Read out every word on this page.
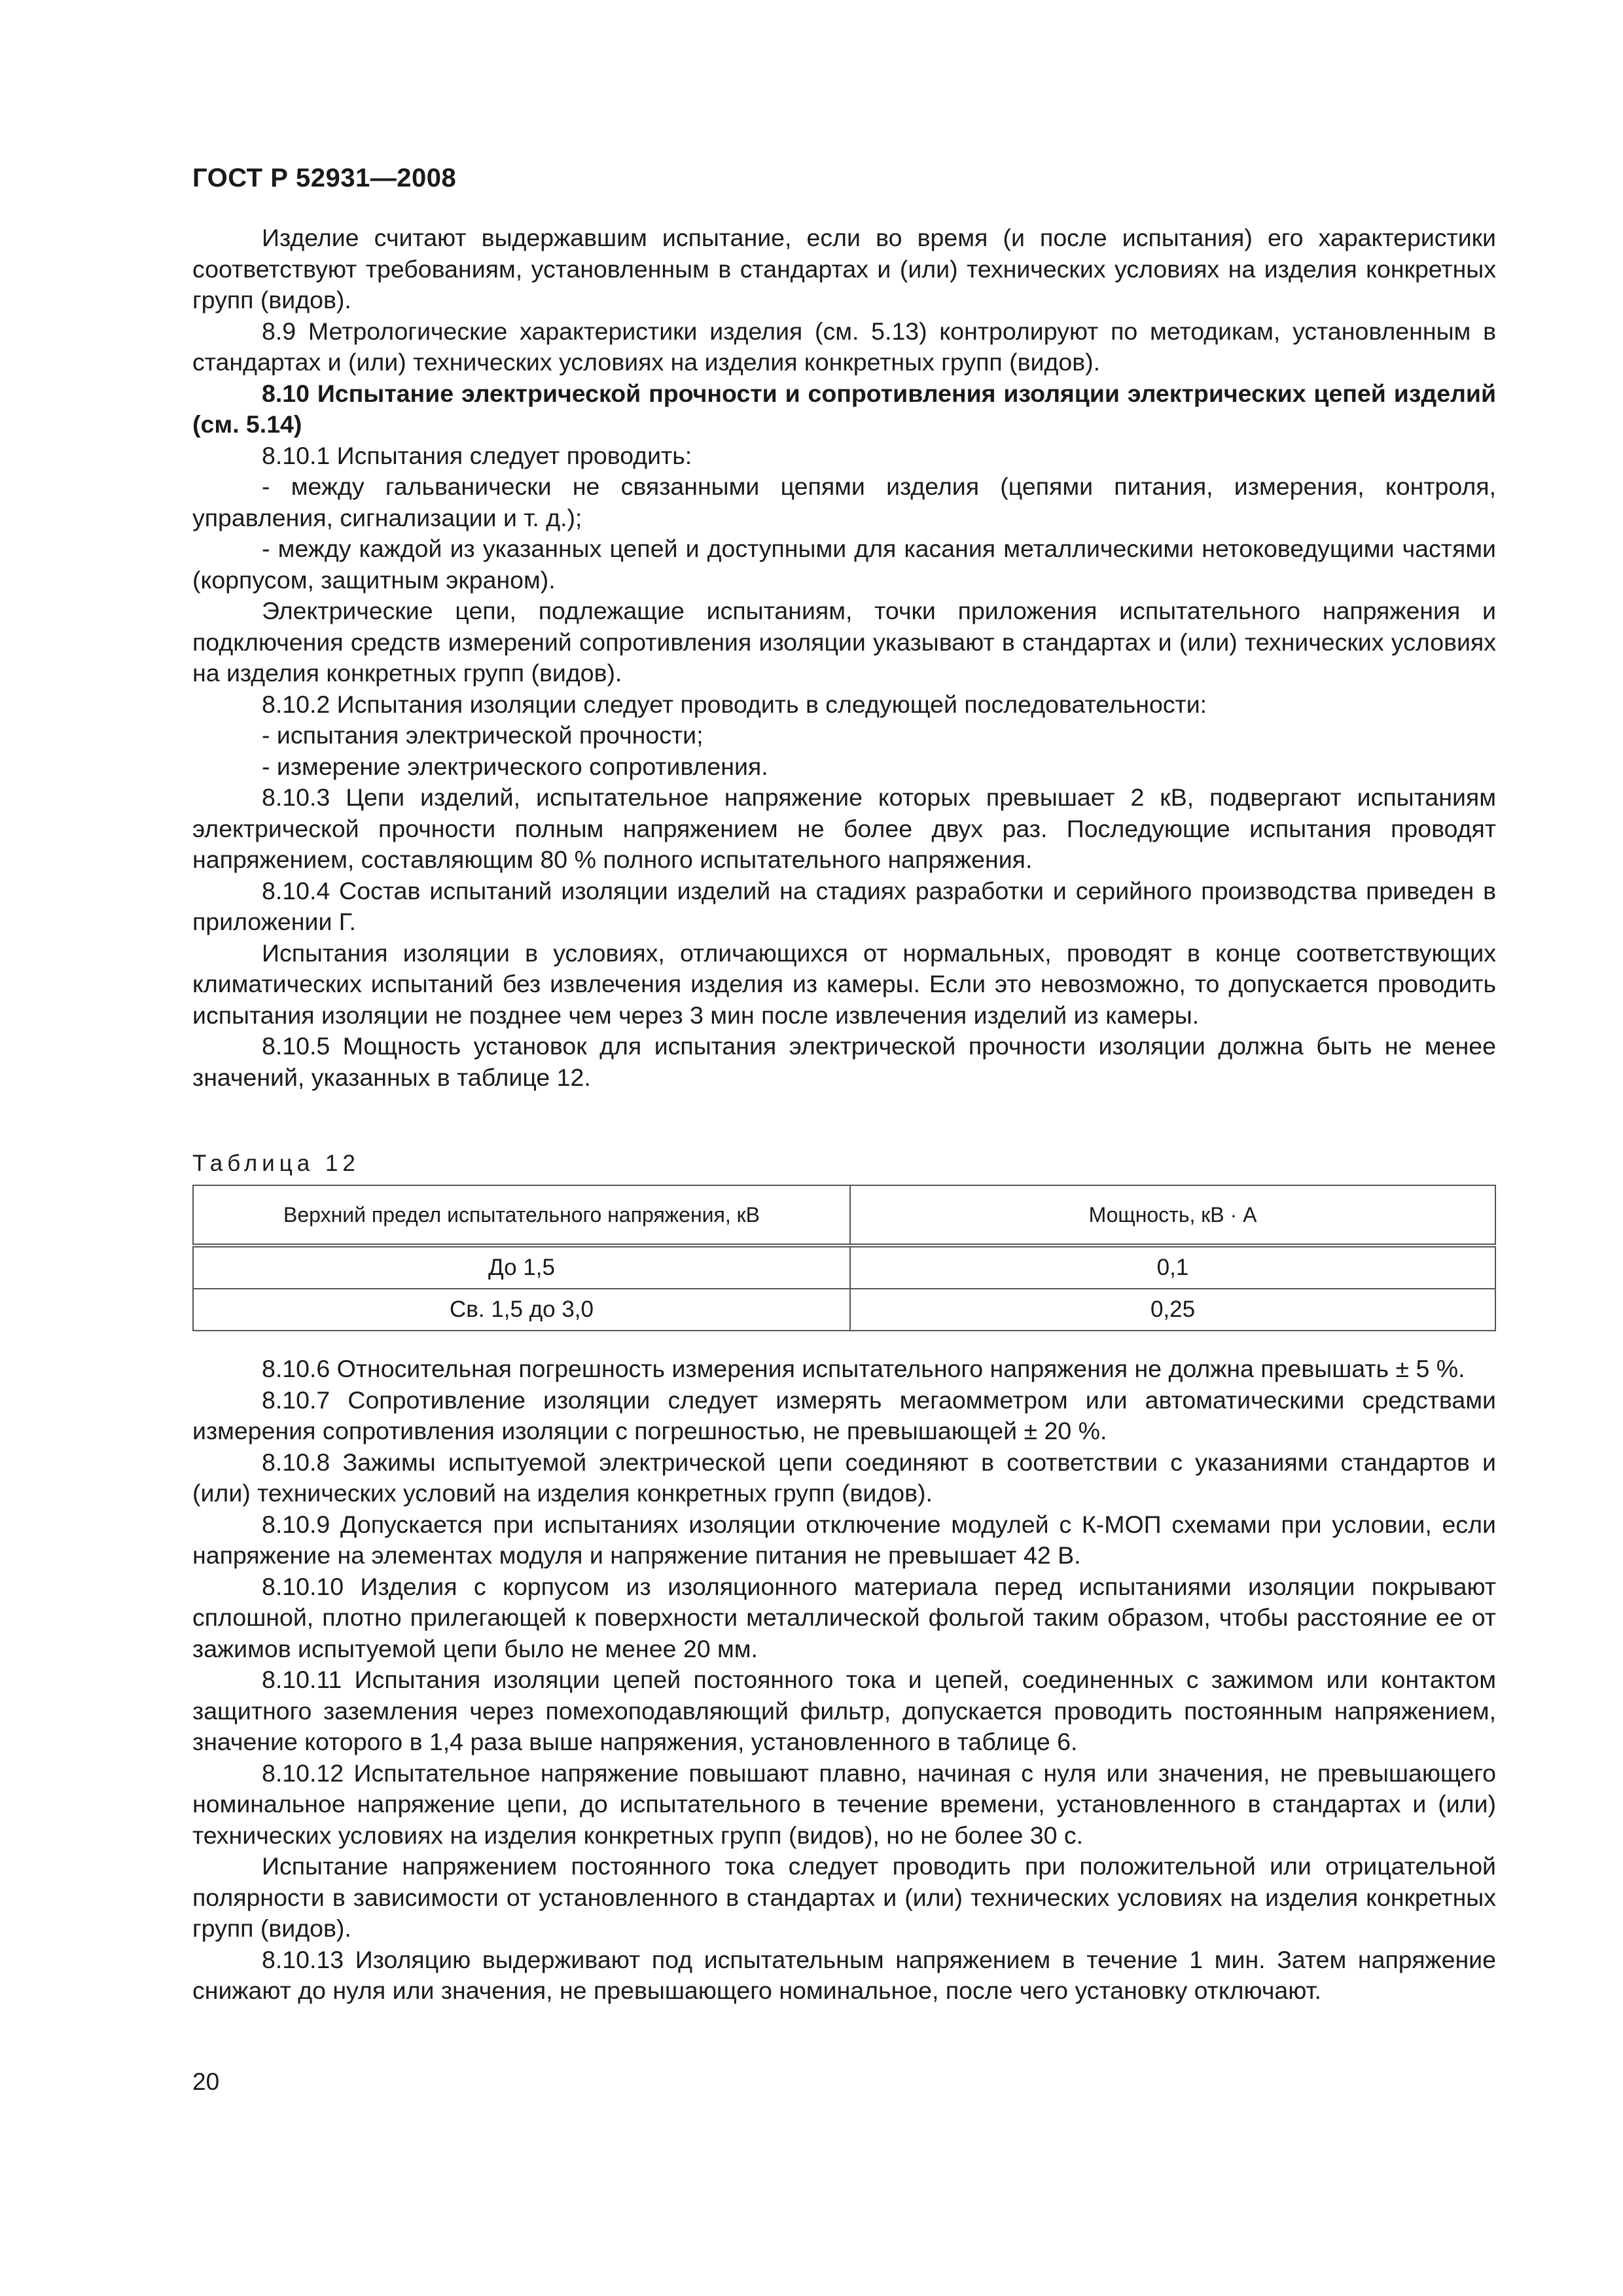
ГОСТ Р 52931—2008

Изделие считают выдержавшим испытание, если во время (и после испытания) его характеристики соответствуют требованиям, установленным в стандартах и (или) технических условиях на изделия конкретных групп (видов).

8.9 Метрологические характеристики изделия (см. 5.13) контролируют по методикам, установленным в стандартах и (или) технических условиях на изделия конкретных групп (видов).

8.10 Испытание электрической прочности и сопротивления изоляции электрических цепей изделий (см. 5.14)

8.10.1 Испытания следует проводить:

- между гальванически не связанными цепями изделия (цепями питания, измерения, контроля, управления, сигнализации и т. д.);

- между каждой из указанных цепей и доступными для касания металлическими нетоковедущими частями (корпусом, защитным экраном).

Электрические цепи, подлежащие испытаниям, точки приложения испытательного напряжения и подключения средств измерений сопротивления изоляции указывают в стандартах и (или) технических условиях на изделия конкретных групп (видов).

8.10.2 Испытания изоляции следует проводить в следующей последовательности:

- испытания электрической прочности;

- измерение электрического сопротивления.

8.10.3 Цепи изделий, испытательное напряжение которых превышает 2 кВ, подвергают испытаниям электрической прочности полным напряжением не более двух раз. Последующие испытания проводят напряжением, составляющим 80 % полного испытательного напряжения.

8.10.4 Состав испытаний изоляции изделий на стадиях разработки и серийного производства приведен в приложении Г.

Испытания изоляции в условиях, отличающихся от нормальных, проводят в конце соответствующих климатических испытаний без извлечения изделия из камеры. Если это невозможно, то допускается проводить испытания изоляции не позднее чем через 3 мин после извлечения изделий из камеры.

8.10.5 Мощность установок для испытания электрической прочности изоляции должна быть не менее значений, указанных в таблице 12.

Таблица 12
Верхний предел испытательного напряжения, кВ	Мощность, кВ · А
До 1,5	0,1
Св. 1,5 до 3,0	0,25

8.10.6 Относительная погрешность измерения испытательного напряжения не должна превышать ± 5 %.

8.10.7 Сопротивление изоляции следует измерять мегаомметром или автоматическими средствами измерения сопротивления изоляции с погрешностью, не превышающей ± 20 %.

8.10.8 Зажимы испытуемой электрической цепи соединяют в соответствии с указаниями стандартов и (или) технических условий на изделия конкретных групп (видов).

8.10.9 Допускается при испытаниях изоляции отключение модулей с К-МОП схемами при условии, если напряжение на элементах модуля и напряжение питания не превышает 42 В.

8.10.10 Изделия с корпусом из изоляционного материала перед испытаниями изоляции покрывают сплошной, плотно прилегающей к поверхности металлической фольгой таким образом, чтобы расстояние ее от зажимов испытуемой цепи было не менее 20 мм.

8.10.11 Испытания изоляции цепей постоянного тока и цепей, соединенных с зажимом или контактом защитного заземления через помехоподавляющий фильтр, допускается проводить постоянным напряжением, значение которого в 1,4 раза выше напряжения, установленного в таблице 6.

8.10.12 Испытательное напряжение повышают плавно, начиная с нуля или значения, не превышающего номинальное напряжение цепи, до испытательного в течение времени, установленного в стандартах и (или) технических условиях на изделия конкретных групп (видов), но не более 30 с.

Испытание напряжением постоянного тока следует проводить при положительной или отрицательной полярности в зависимости от установленного в стандартах и (или) технических условиях на изделия конкретных групп (видов).

8.10.13 Изоляцию выдерживают под испытательным напряжением в течение 1 мин. Затем напряжение снижают до нуля или значения, не превышающего номинальное, после чего установку отключают.

20
